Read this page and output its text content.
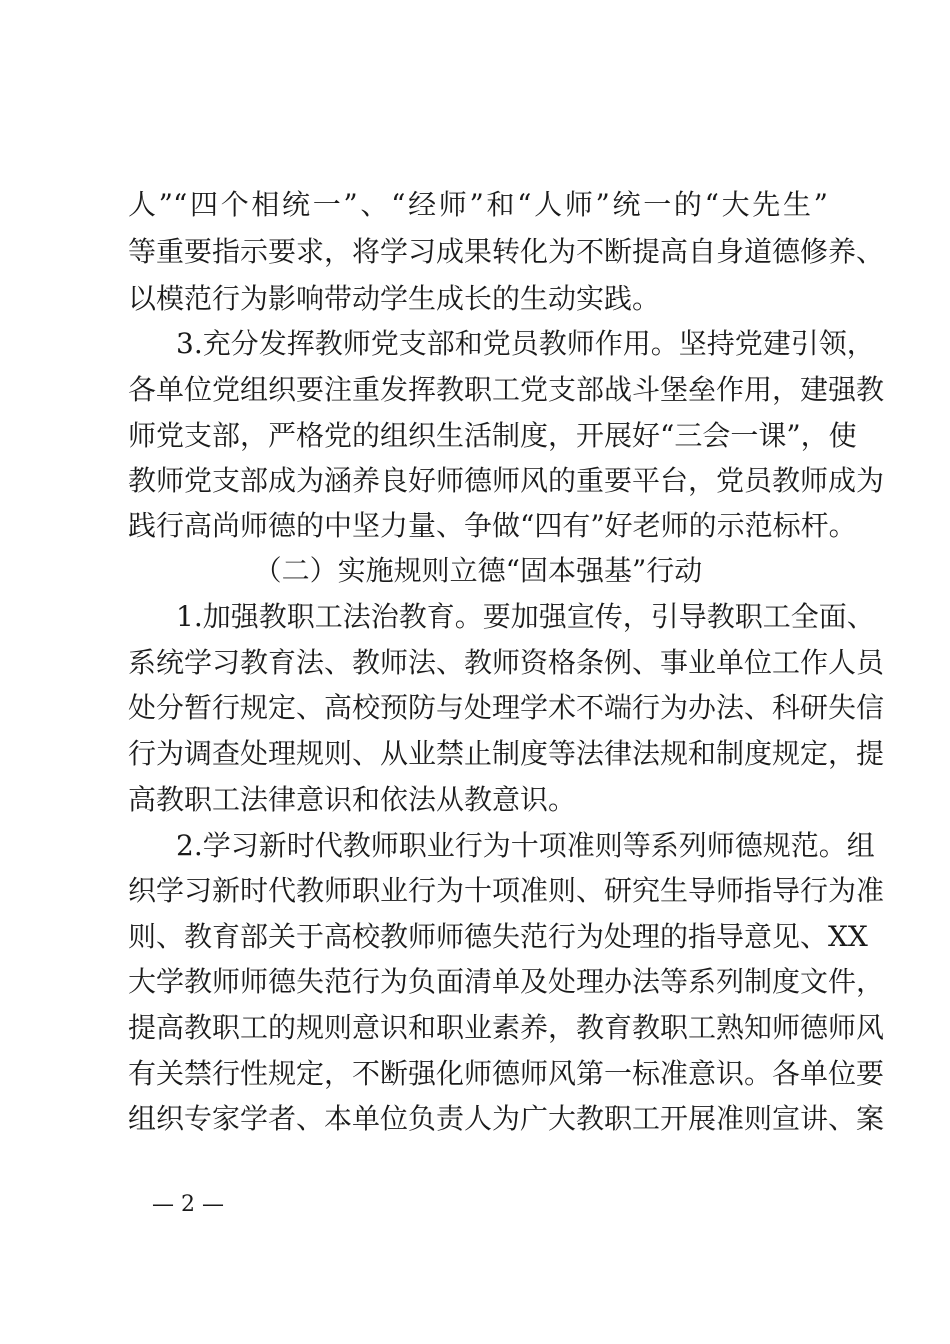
人”“四个相统一”、“经师”和“人师”统一的“大先生”
等重要指示要求，将学习成果转化为不断提高自身道德修养、
以模范行为影响带动学生成长的生动实践。
3.充分发挥教师党支部和党员教师作用。坚持党建引领，
各单位党组织要注重发挥教职工党支部战斗堡垒作用，建强教
师党支部，严格党的组织生活制度，开展好“三会一课”，使
教师党支部成为涵养良好师德师风的重要平台，党员教师成为
践行高尚师德的中坚力量、争做“四有”好老师的示范标杆。
（二）实施规则立德“固本强基”行动
1.加强教职工法治教育。要加强宣传，引导教职工全面、
系统学习教育法、教师法、教师资格条例、事业单位工作人员
处分暂行规定、高校预防与处理学术不端行为办法、科研失信
行为调查处理规则、从业禁止制度等法律法规和制度规定，提
高教职工法律意识和依法从教意识。
2.学习新时代教师职业行为十项准则等系列师德规范。组
织学习新时代教师职业行为十项准则、研究生导师指导行为准
则、教育部关于高校教师师德失范行为处理的指导意见、XX
大学教师师德失范行为负面清单及处理办法等系列制度文件，
提高教职工的规则意识和职业素养，教育教职工熟知师德师风
有关禁行性规定，不断强化师德师风第一标准意识。各单位要
组织专家学者、本单位负责人为广大教职工开展准则宣讲、案
— 2 —
